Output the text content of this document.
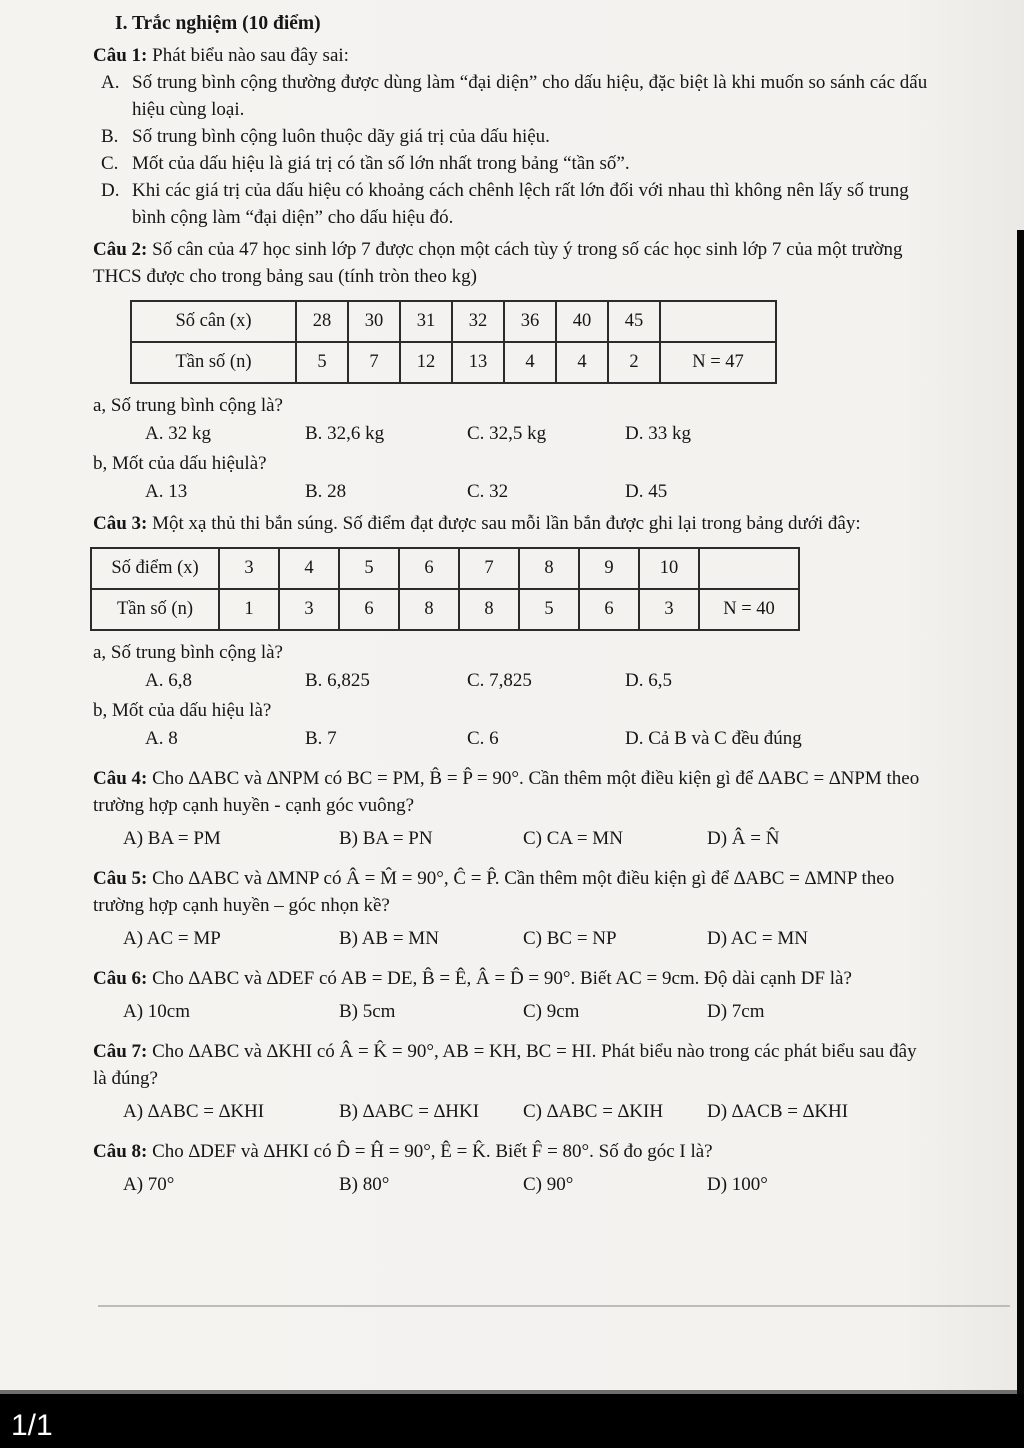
I. Trắc nghiệm (10 điểm)

Câu 1: Phát biểu nào sau đây sai:

A. Số trung bình cộng thường được dùng làm “đại diện” cho dấu hiệu, đặc biệt là khi muốn so sánh các dấu hiệu cùng loại.
B. Số trung bình cộng luôn thuộc dãy giá trị của dấu hiệu.
C. Mốt của dấu hiệu là giá trị có tần số lớn nhất trong bảng “tần số”.
D. Khi các giá trị của dấu hiệu có khoảng cách chênh lệch rất lớn đối với nhau thì không nên lấy số trung bình cộng làm “đại diện” cho dấu hiệu đó.

Câu 2: Số cân của 47 học sinh lớp 7 được chọn một cách tùy ý trong số các học sinh lớp 7 của một trường THCS được cho trong bảng sau (tính tròn theo kg)

Số cân (x)	28	30	31	32	36	40	45	
Tần số (n)	5	7	12	13	4	4	2	N = 47

a, Số trung bình cộng là?

A. 32 kg	B. 32,6 kg	C. 32,5 kg	D. 33 kg

b, Mốt của dấu hiệulà?

A. 13	B. 28	C. 32	D. 45

Câu 3: Một xạ thủ thi bắn súng. Số điểm đạt được sau mỗi lần bắn được ghi lại trong bảng dưới đây:

Số điểm (x)	3	4	5	6	7	8	9	10	
Tần số (n)	1	3	6	8	8	5	6	3	N = 40

a, Số trung bình cộng là?

A. 6,8	B. 6,825	C. 7,825	D. 6,5

b, Mốt của dấu hiệu là?

A. 8	B. 7	C. 6	D. Cả B và C đều đúng

Câu 4: Cho ∆ABC và ∆NPM có BC = PM, B̂ = P̂ = 90°. Cần thêm một điều kiện gì để ∆ABC = ∆NPM theo trường hợp cạnh huyền - cạnh góc vuông?

A) BA = PM	B) BA = PN	C) CA = MN	D) Â = N̂

Câu 5: Cho ∆ABC và ∆MNP có Â = M̂ = 90°, Ĉ = P̂. Cần thêm một điều kiện gì để ∆ABC = ∆MNP theo trường hợp cạnh huyền – góc nhọn kề?

A) AC = MP	B) AB = MN	C) BC = NP	D) AC = MN

Câu 6: Cho ∆ABC và ∆DEF có AB = DE, B̂ = Ê, Â = D̂ = 90°. Biết AC = 9cm. Độ dài cạnh DF là?

A) 10cm	B) 5cm	C) 9cm	D) 7cm

Câu 7: Cho ∆ABC và ∆KHI có Â = K̂ = 90°, AB = KH, BC = HI. Phát biểu nào trong các phát biểu sau đây là đúng?

A) ∆ABC = ∆KHI	B) ∆ABC = ∆HKI	C) ∆ABC = ∆KIH	D) ∆ACB = ∆KHI

Câu 8: Cho ∆DEF và ∆HKI có D̂ = Ĥ = 90°, Ê = K̂. Biết F̂ = 80°. Số đo góc I là?

A) 70°	B) 80°	C) 90°	D) 100°
1/1
